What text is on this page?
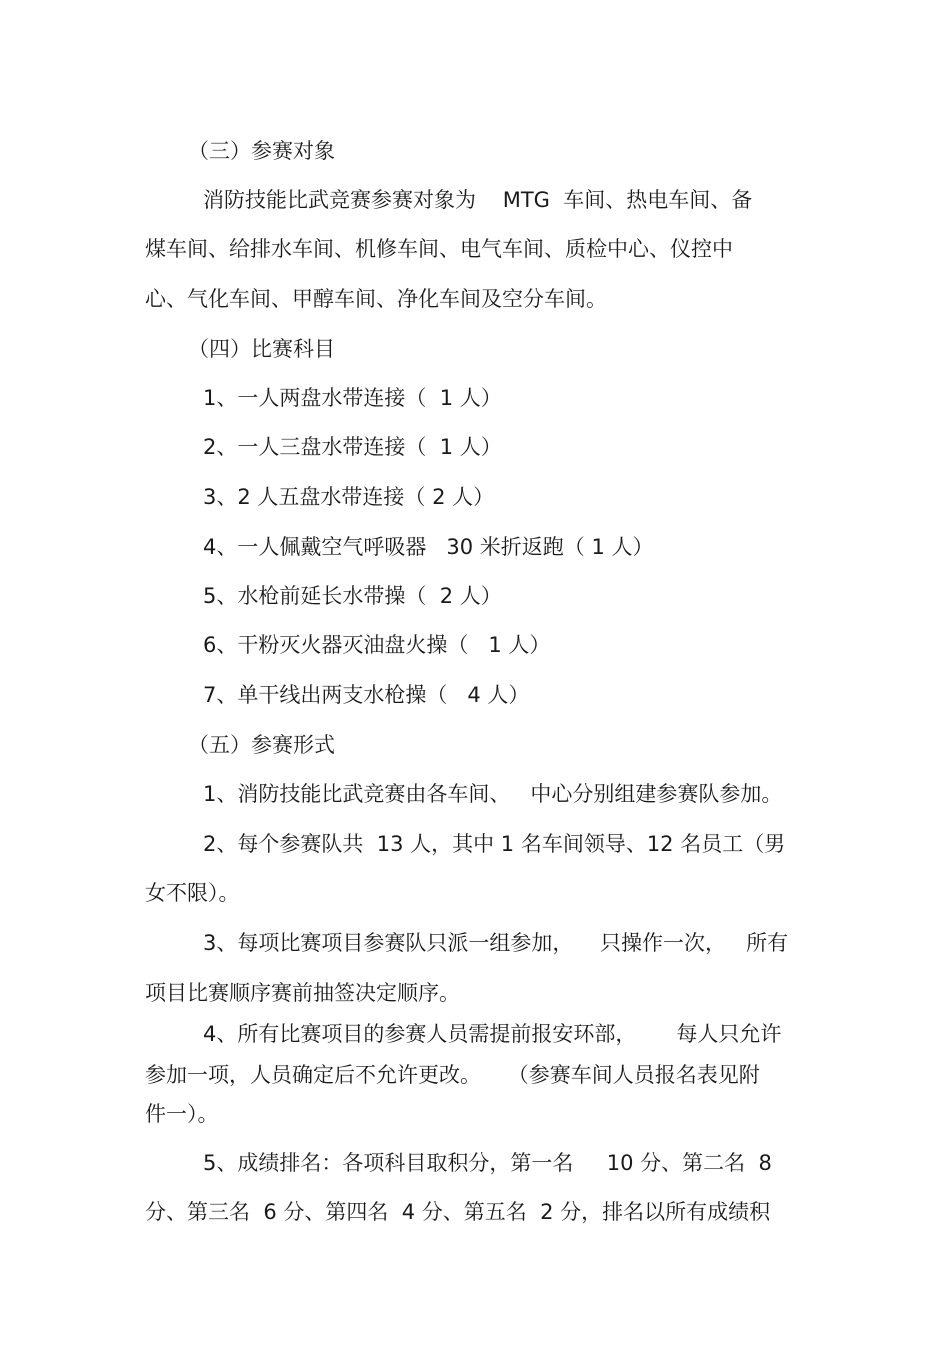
（三）参赛对象

消防技能比武竞赛参赛对象为    MTG  车间、热电车间、备

煤车间、给排水车间、机修车间、电气车间、质检中心、仪控中

心、气化车间、甲醇车间、净化车间及空分车间。

（四）比赛科目

1、一人两盘水带连接（  1 人）

2、一人三盘水带连接（  1 人）

3、2 人五盘水带连接（ 2 人）

4、一人佩戴空气呼吸器   30 米折返跑（ 1 人）

5、水枪前延长水带操（  2 人）

6、干粉灭火器灭油盘火操（   1 人）

7、单干线出两支水枪操（   4 人）

（五）参赛形式

1、消防技能比武竞赛由各车间、   中心分别组建参赛队参加。

2、每个参赛队共  13 人，其中 1 名车间领导、12 名员工（男

女不限）。

3、每项比赛项目参赛队只派一组参加，    只操作一次，   所有

项目比赛顺序赛前抽签决定顺序。

4、所有比赛项目的参赛人员需提前报安环部，      每人只允许

参加一项，人员确定后不允许更改。    （参赛车间人员报名表见附

件一）。

5、成绩排名：各项科目取积分，第一名     10 分、第二名  8

分、第三名  6 分、第四名  4 分、第五名  2 分，排名以所有成绩积
